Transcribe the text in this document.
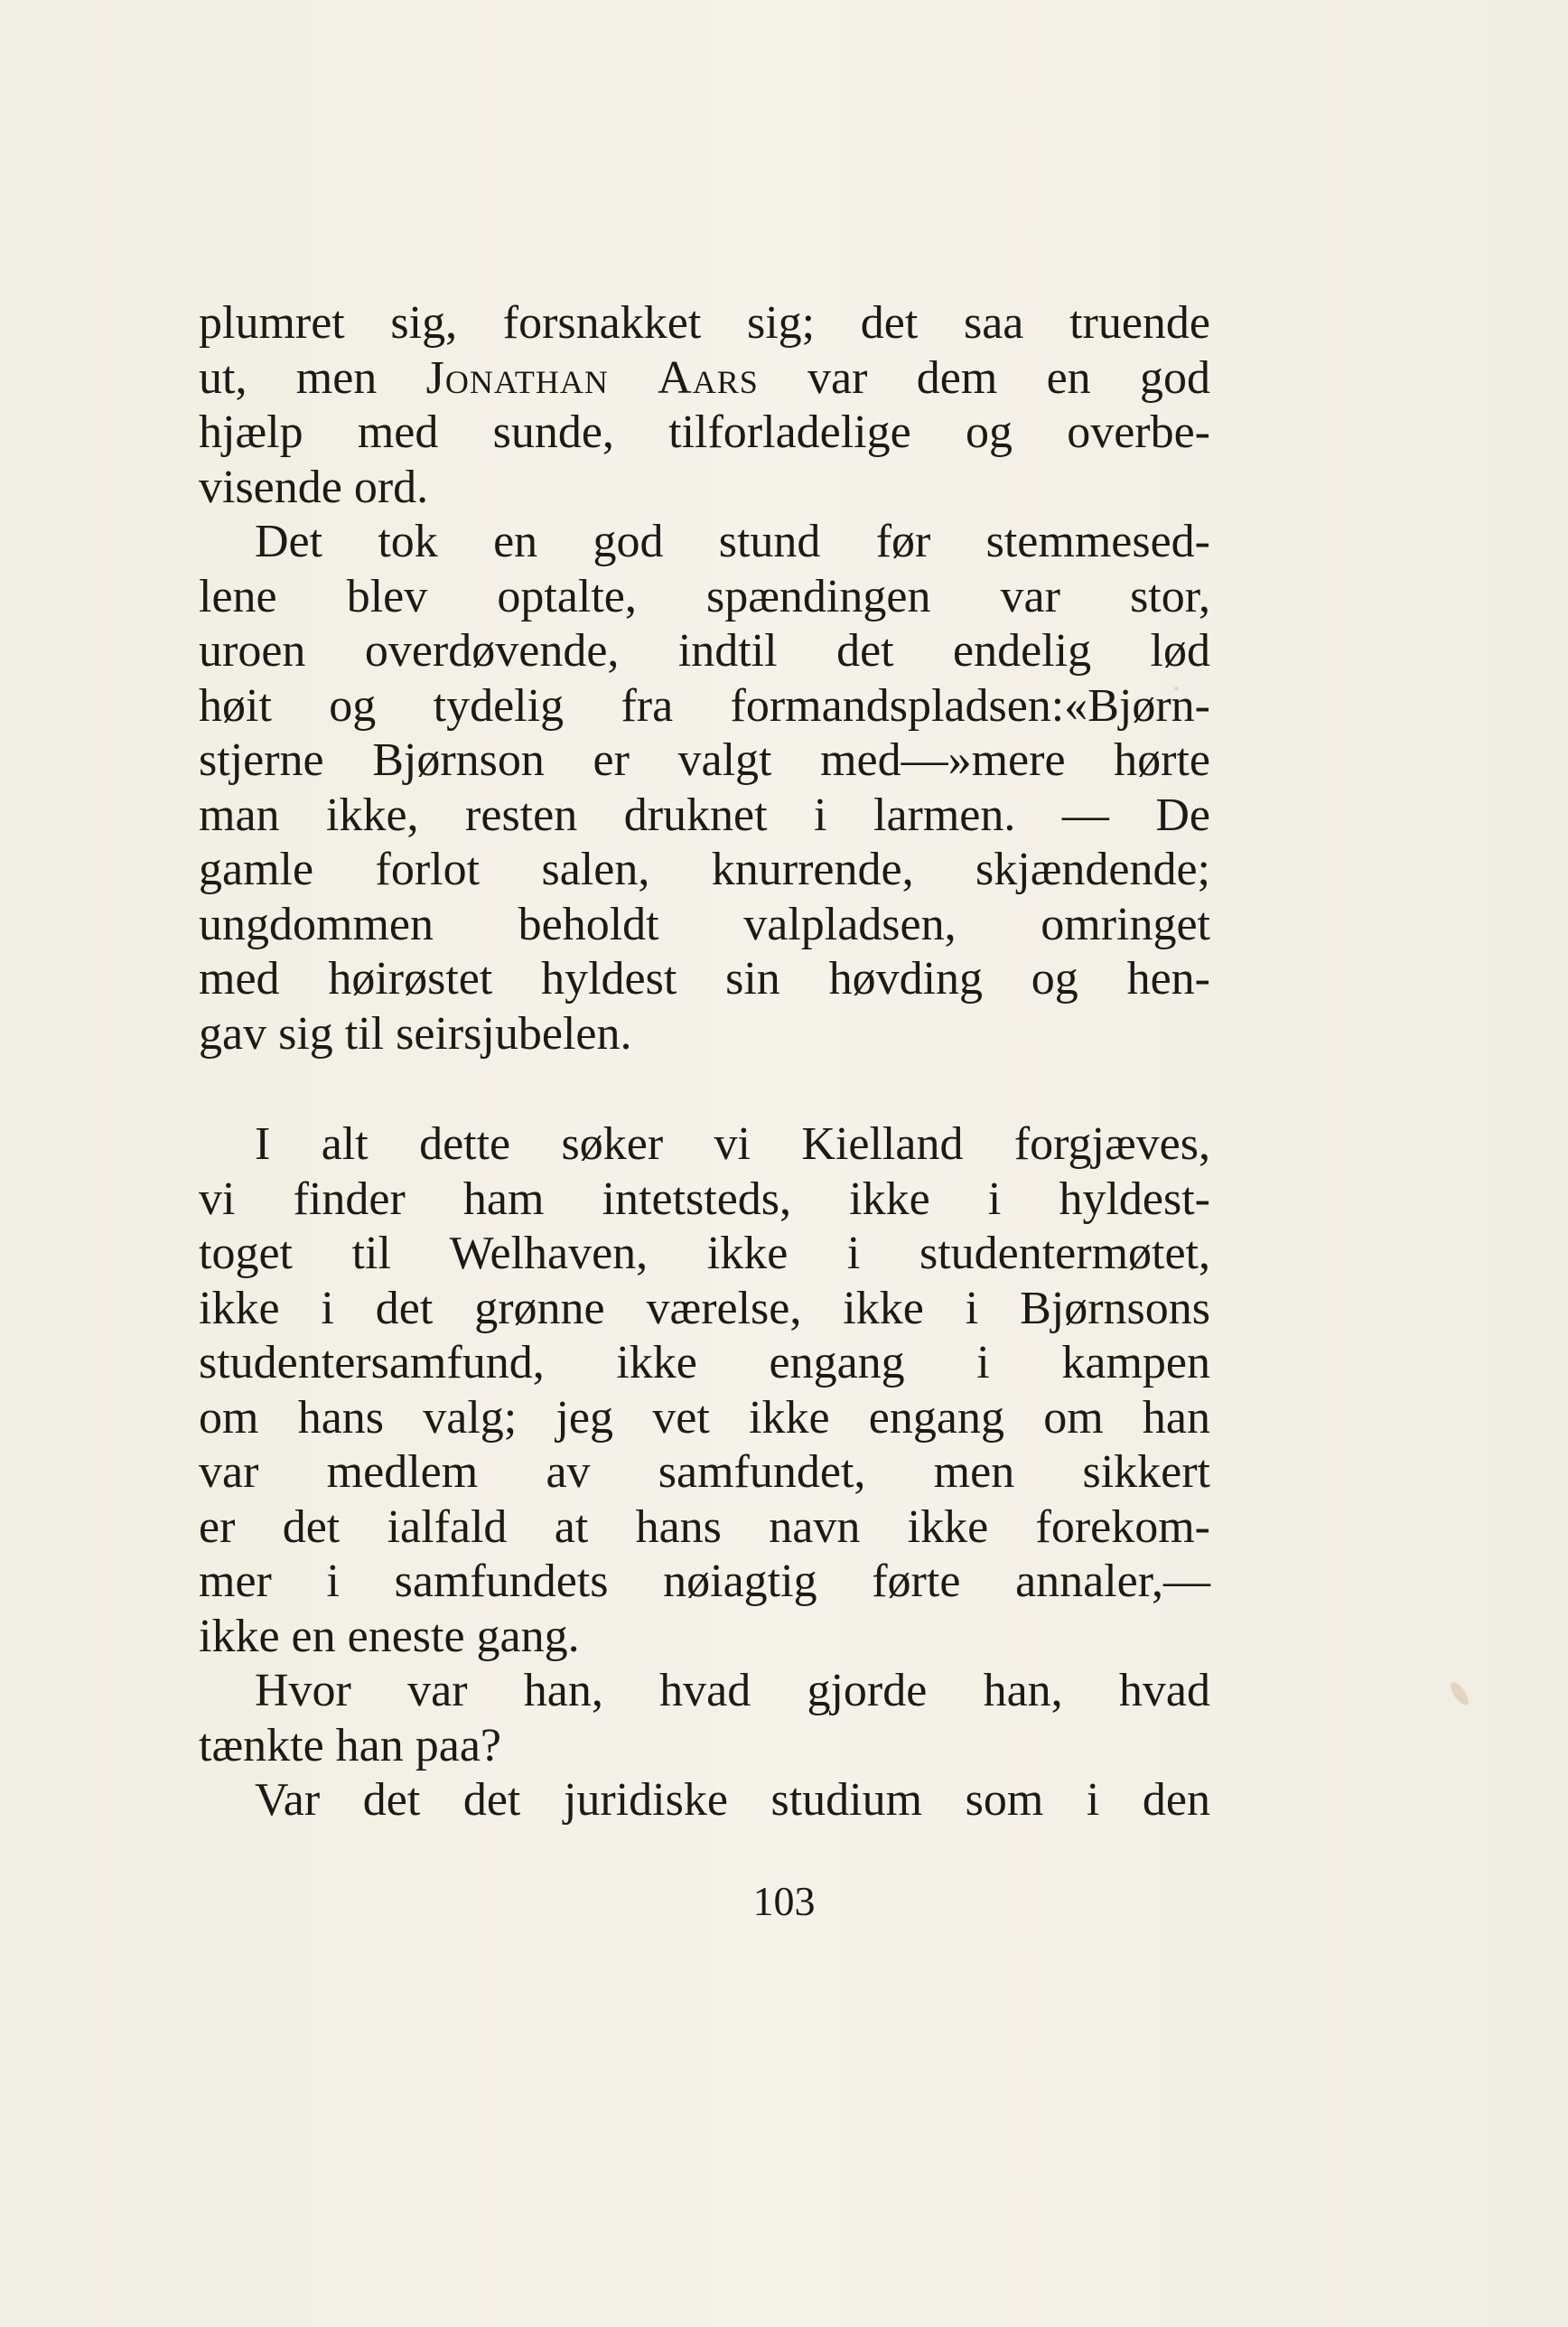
plumret sig, forsnakket sig; det saa truende
ut, men Jonathan Aars var dem en god
hjælp med sunde, tilforladelige og overbe-
visende ord.
Det tok en god stund før stemmesed-
lene blev optalte, spændingen var stor,
uroen overdøvende, indtil det endelig lød
høit og tydelig fra formandspladsen:«Bjørn-
stjerne Bjørnson er valgt med—»mere hørte
man ikke, resten druknet i larmen. — De
gamle forlot salen, knurrende, skjændende;
ungdommen beholdt valpladsen, omringet
med høirøstet hyldest sin høvding og hen-
gav sig til seirsjubelen.
I alt dette søker vi Kielland forgjæves,
vi finder ham intetsteds, ikke i hyldest-
toget til Welhaven, ikke i studentermøtet,
ikke i det grønne værelse, ikke i Bjørnsons
studentersamfund, ikke engang i kampen
om hans valg; jeg vet ikke engang om han
var medlem av samfundet, men sikkert
er det ialfald at hans navn ikke forekom-
mer i samfundets nøiagtig førte annaler,—
ikke en eneste gang.
Hvor var han, hvad gjorde han, hvad
tænkte han paa?
Var det det juridiske studium som i den
103
